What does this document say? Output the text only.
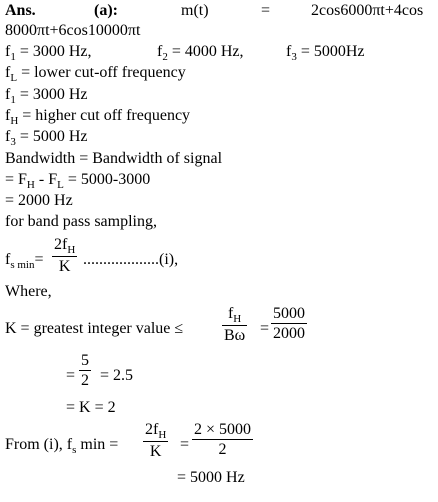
Ans.	(a):	m(t)	=	2cos6000πt+4cos
8000πt+6cos10000πt
$f_1 = 3000$ Hz,	$f_2 = 4000$ Hz,	$f_3 = 5000Hz$
$f_L$ = lower cut-off frequency
$f_1 = 3000$ Hz
$f_H$ = higher cut off frequency
$f_3 = 5000$ Hz
Bandwidth = Bandwidth of signal
= $F_H - F_L = 5000-3000$
= 2000 Hz
for band pass sampling,
$f_{s min}=$
$2f_H$
K ...................(i),
Where,
K = greatest integer value ≤
$f_H$
Bω =
5000
2000
=
5
2 = 2.5
= K = 2
From (i), $f_s$ min =
$2f_H$
K	=
2 × 5000
2
= 5000 Hz
